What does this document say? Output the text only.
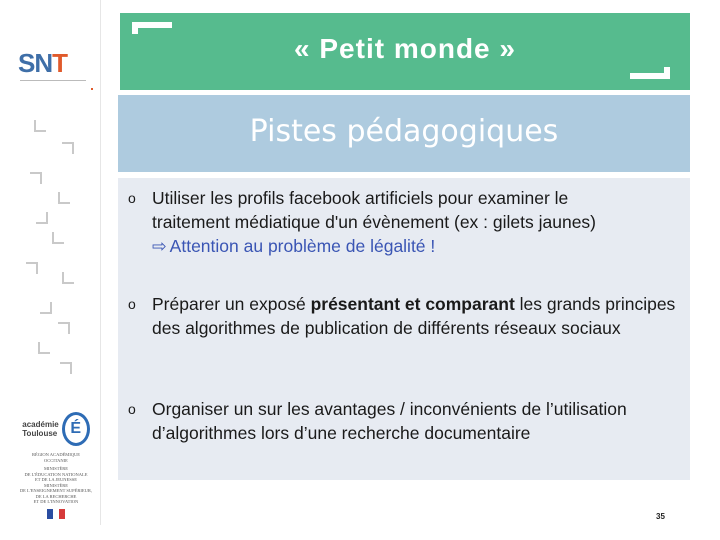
SNT
académie
Toulouse É
RÉGION ACADÉMIQUE
OCCITANIE
MINISTÈRE
DE L'ÉDUCATION NATIONALE
ET DE LA JEUNESSE
MINISTÈRE
DE L'ENSEIGNEMENT SUPÉRIEUR,
DE LA RECHERCHE
ET DE L'INNOVATION
« Petit monde »
Pistes pédagogiques
o Utiliser les profils facebook artificiels pour examiner le
traitement médiatique d'un évènement (ex : gilets jaunes)
⇨ Attention au problème de légalité !
o Préparer un exposé présentant et comparant les grands principes des algorithmes de publication de différents réseaux sociaux
o Organiser un sur les avantages / inconvénients de l’utilisation d’algorithmes lors d’une recherche documentaire
35
